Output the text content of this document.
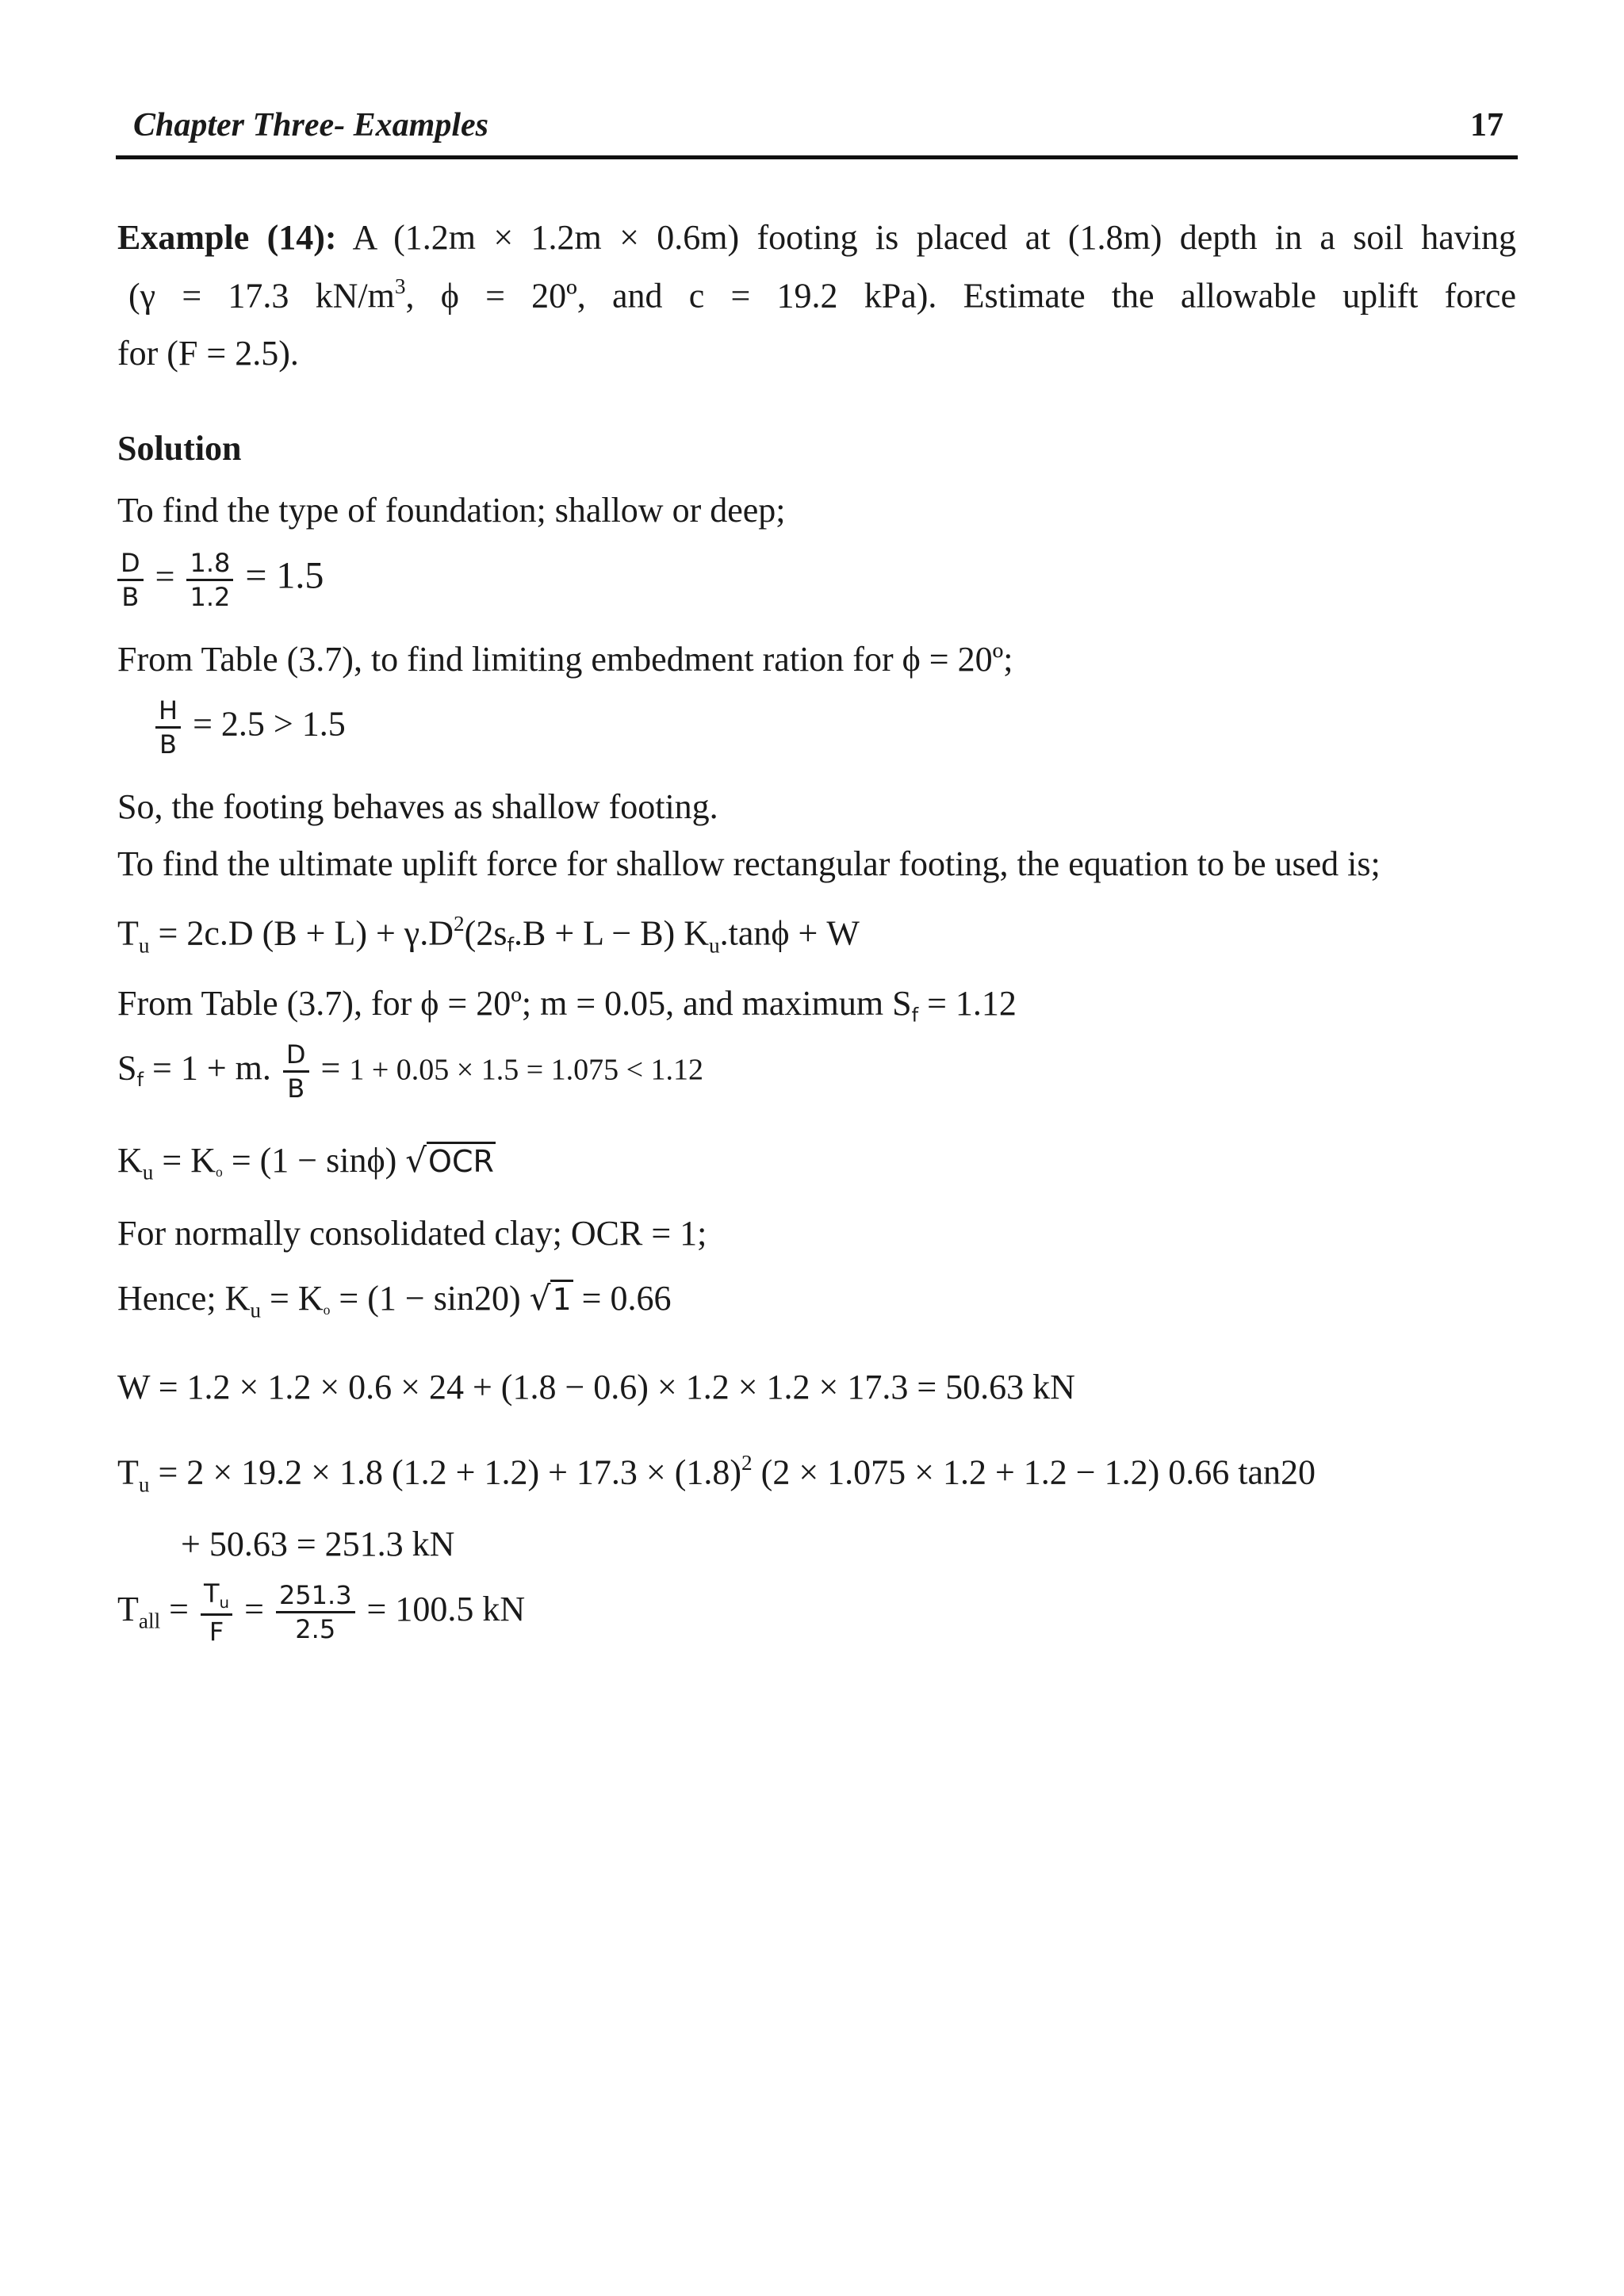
Chapter Three- Examples	17
Example (14): A (1.2m × 1.2m × 0.6m) footing is placed at (1.8m) depth in a soil having
(γ = 17.3 $kN/m^3$, ϕ = 20º, and c = 19.2 kPa). Estimate the allowable uplift force
for (F = 2.5).
Solution
To find the type of foundation; shallow or deep;
$\frac{D}{B} = \frac{1.8}{1.2} = 1.5$
From Table (3.7), to find limiting embedment ration for ϕ = 20º;
$\frac{H}{B} = 2.5 > 1.5$
So, the footing behaves as shallow footing.
To find the ultimate uplift force for shallow rectangular footing, the equation to be used is;
$T_u = 2c.D$ $(B + L) + \gamma.D^2(2s_f.B + L - B) K_u.\tan\phi + W$
From Table (3.7), for ϕ = 20º; m = 0.05, and maximum $S_f = 1.12$
$S_f = 1 + m$. $\frac{D}{B} = 1 + 0.05 \times 1.5 = 1.075 < 1.12$
$K_u = K_o = (1 - \sin\phi)$ √OCR
For normally consolidated clay; OCR = 1;
Hence; $K_u = K_o = (1 - \sin 20) √1 = 0.66$
W = 1.2 × 1.2 × 0.6 × 24 + (1.8 − 0.6) × 1.2 × 1.2 × 17.3 = 50.63 kN
$T_u = 2 \times 19.2 \times 1.8$ $(1.2 + 1.2) + 17.3 \times (1.8)^2$ (2 × 1.075 × 1.2 + 1.2 − 1.2) 0.66 tan20
+ 50.63 = 251.3 kN
$T_{all} = \frac{T_u}{F} = \frac{251.3}{2.5} = 100.5$ kN
